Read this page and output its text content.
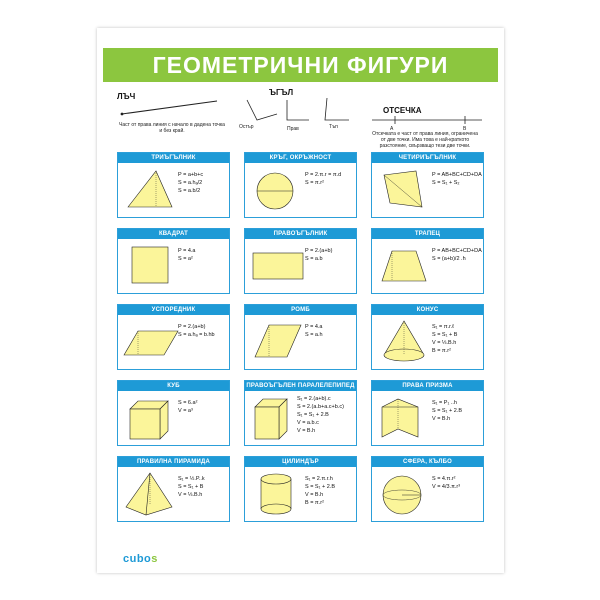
ГЕОМЕТРИЧНИ ФИГУРИ
ЛЪЧ
Част от права линия с начало в дадена точка и без край.
ЪГЪЛ
Остър	Прав	Тъп
ОТСЕЧКА
A	B
Отсечката е част от права линия, ограничена от две точки. Има това е най-краткото разстояние, свързващо тези две точки.
ТРИЪГЪЛНИК
P = a+b+c
S = a.hₐ/2
S = a.b/2
КРЪГ, ОКРЪЖНОСТ
P = 2.π.r = π.d
S = π.r²
ЧЕТИРИЪГЪЛНИК
P = AB+BC+CD+DA
S = S₁ + S₂
КВАДРАТ
P = 4.a
S = a²
ПРАВОЪГЪЛНИК
P = 2.(a+b)
S = a.b
ТРАПЕЦ
P = AB+BC+CD+DA
S = (a+b)/2 .h
УСПОРЕДНИК
P = 2.(a+b)
S = a.hₐ = b.hb
РОМБ
P = 4.a
S = a.h
КОНУС
S₁ = π.r.ℓ
S = S₁ + B
V = ⅓.B.h
B = π.r²
КУБ
S = 6.a²
V = a³
ПРАВОЪГЪЛЕН ПАРАЛЕЛЕПИПЕД
S₁ = 2.(a+b).c
S = 2.(a.b+a.c+b.c)
S₁ = S₁ + 2.B
V = a.b.c
V = B.h
ПРАВА ПРИЗМА
S₁ = P₁ ..h
S = S₁ + 2.B
V = B.h
ПРАВИЛНА ПИРАМИДА
S₁ = ½.P..k
S = S₁ + B
V = ⅓.B.h
ЦИЛИНДЪР
S₁ = 2.π.r.h
S = S₁ + 2.B
V = B.h
B = π.r²
СФЕРА, КЪЛБО
S = 4.π.r²
V = 4/3.π.r³
cubos
